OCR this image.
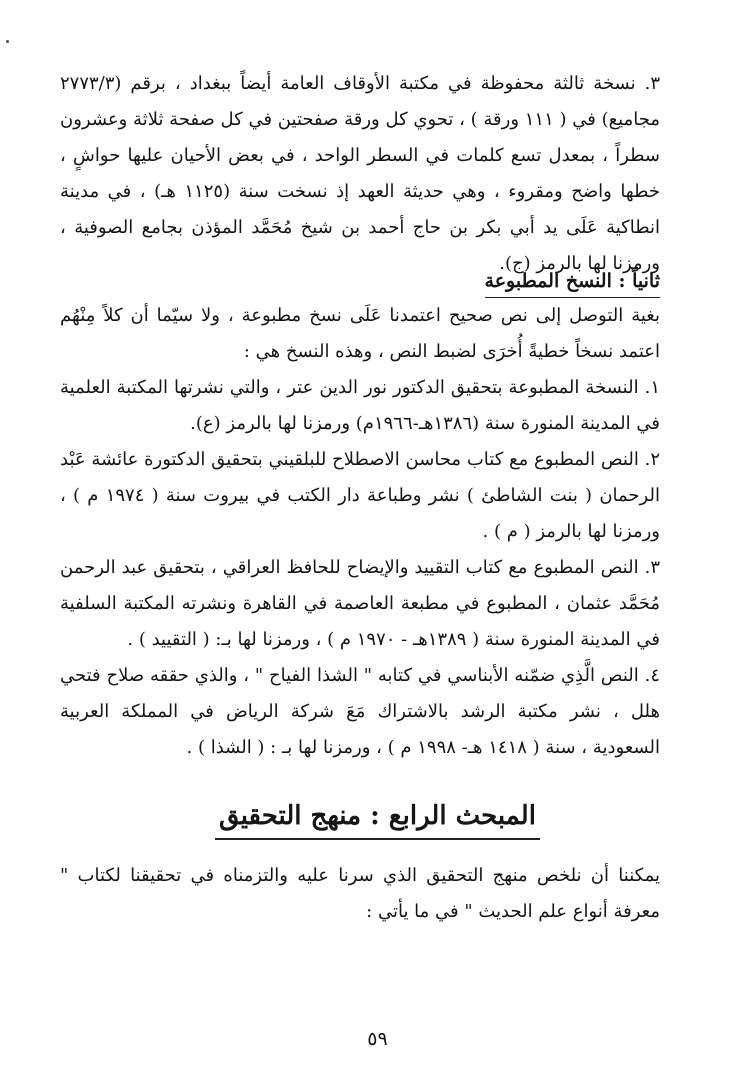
٣. نسخة ثالثة محفوظة في مكتبة الأوقاف العامة أيضاً ببغداد ، برقم (٢٧٧٣/٣ مجاميع) في ( ١١١ ورقة ) ، تحوي كل ورقة صفحتين في كل صفحة ثلاثة وعشرون سطراً ، بمعدل تسع كلمات في السطر الواحد ، في بعض الأحيان عليها حواشٍ ، خطها واضح ومقروء ، وهي حديثة العهد إذ نسخت سنة (١١٢٥ هـ) ، في مدينة انطاكية عَلَى يد أبي بكر بن حاج أحمد بن شيخ مُحَمَّد المؤذن بجامع الصوفية ، ورمزنا لها بالرمز (ج).
ثانياً : النسخ المطبوعة
بغية التوصل إلى نص صحيح اعتمدنا عَلَى نسخ مطبوعة ، ولا سيّما أن كلاً مِنْهُم اعتمد نسخاً خطيةً أُخرَى لضبط النص ، وهذه النسخ هي :
١. النسخة المطبوعة بتحقيق الدكتور نور الدين عتر ، والتي نشرتها المكتبة العلمية في المدينة المنورة سنة (١٣٨٦هـ-١٩٦٦م) ورمزنا لها بالرمز (ع).
٢. النص المطبوع مع كتاب محاسن الاصطلاح للبلقيني بتحقيق الدكتورة عائشة عَبْد الرحمان ( بنت الشاطئ ) نشر وطباعة دار الكتب في بيروت سنة ( ١٩٧٤ م ) ، ورمزنا لها بالرمز ( م ) .
٣. النص المطبوع مع كتاب التقييد والإيضاح للحافظ العراقي ، بتحقيق عبد الرحمن مُحَمَّد عثمان ، المطبوع في مطبعة العاصمة في القاهرة ونشرته المكتبة السلفية في المدينة المنورة سنة ( ١٣٨٩هـ - ١٩٧٠ م ) ، ورمزنا لها بـ: ( التقييد ) .
٤. النص الَّذِي ضمّنه الأبناسي في كتابه " الشذا الفياح " ، والذي حققه صلاح فتحي هلل ، نشر مكتبة الرشد بالاشتراك مَعَ شركة الرياض في المملكة العربية السعودية ، سنة ( ١٤١٨ هـ- ١٩٩٨ م ) ، ورمزنا لها بـ : ( الشذا ) .
المبحث الرابع : منهج التحقيق
يمكننا أن نلخص منهج التحقيق الذي سرنا عليه والتزمناه في تحقيقنا لكتاب " معرفة أنواع علم الحديث " في ما يأتي :
٥٩
